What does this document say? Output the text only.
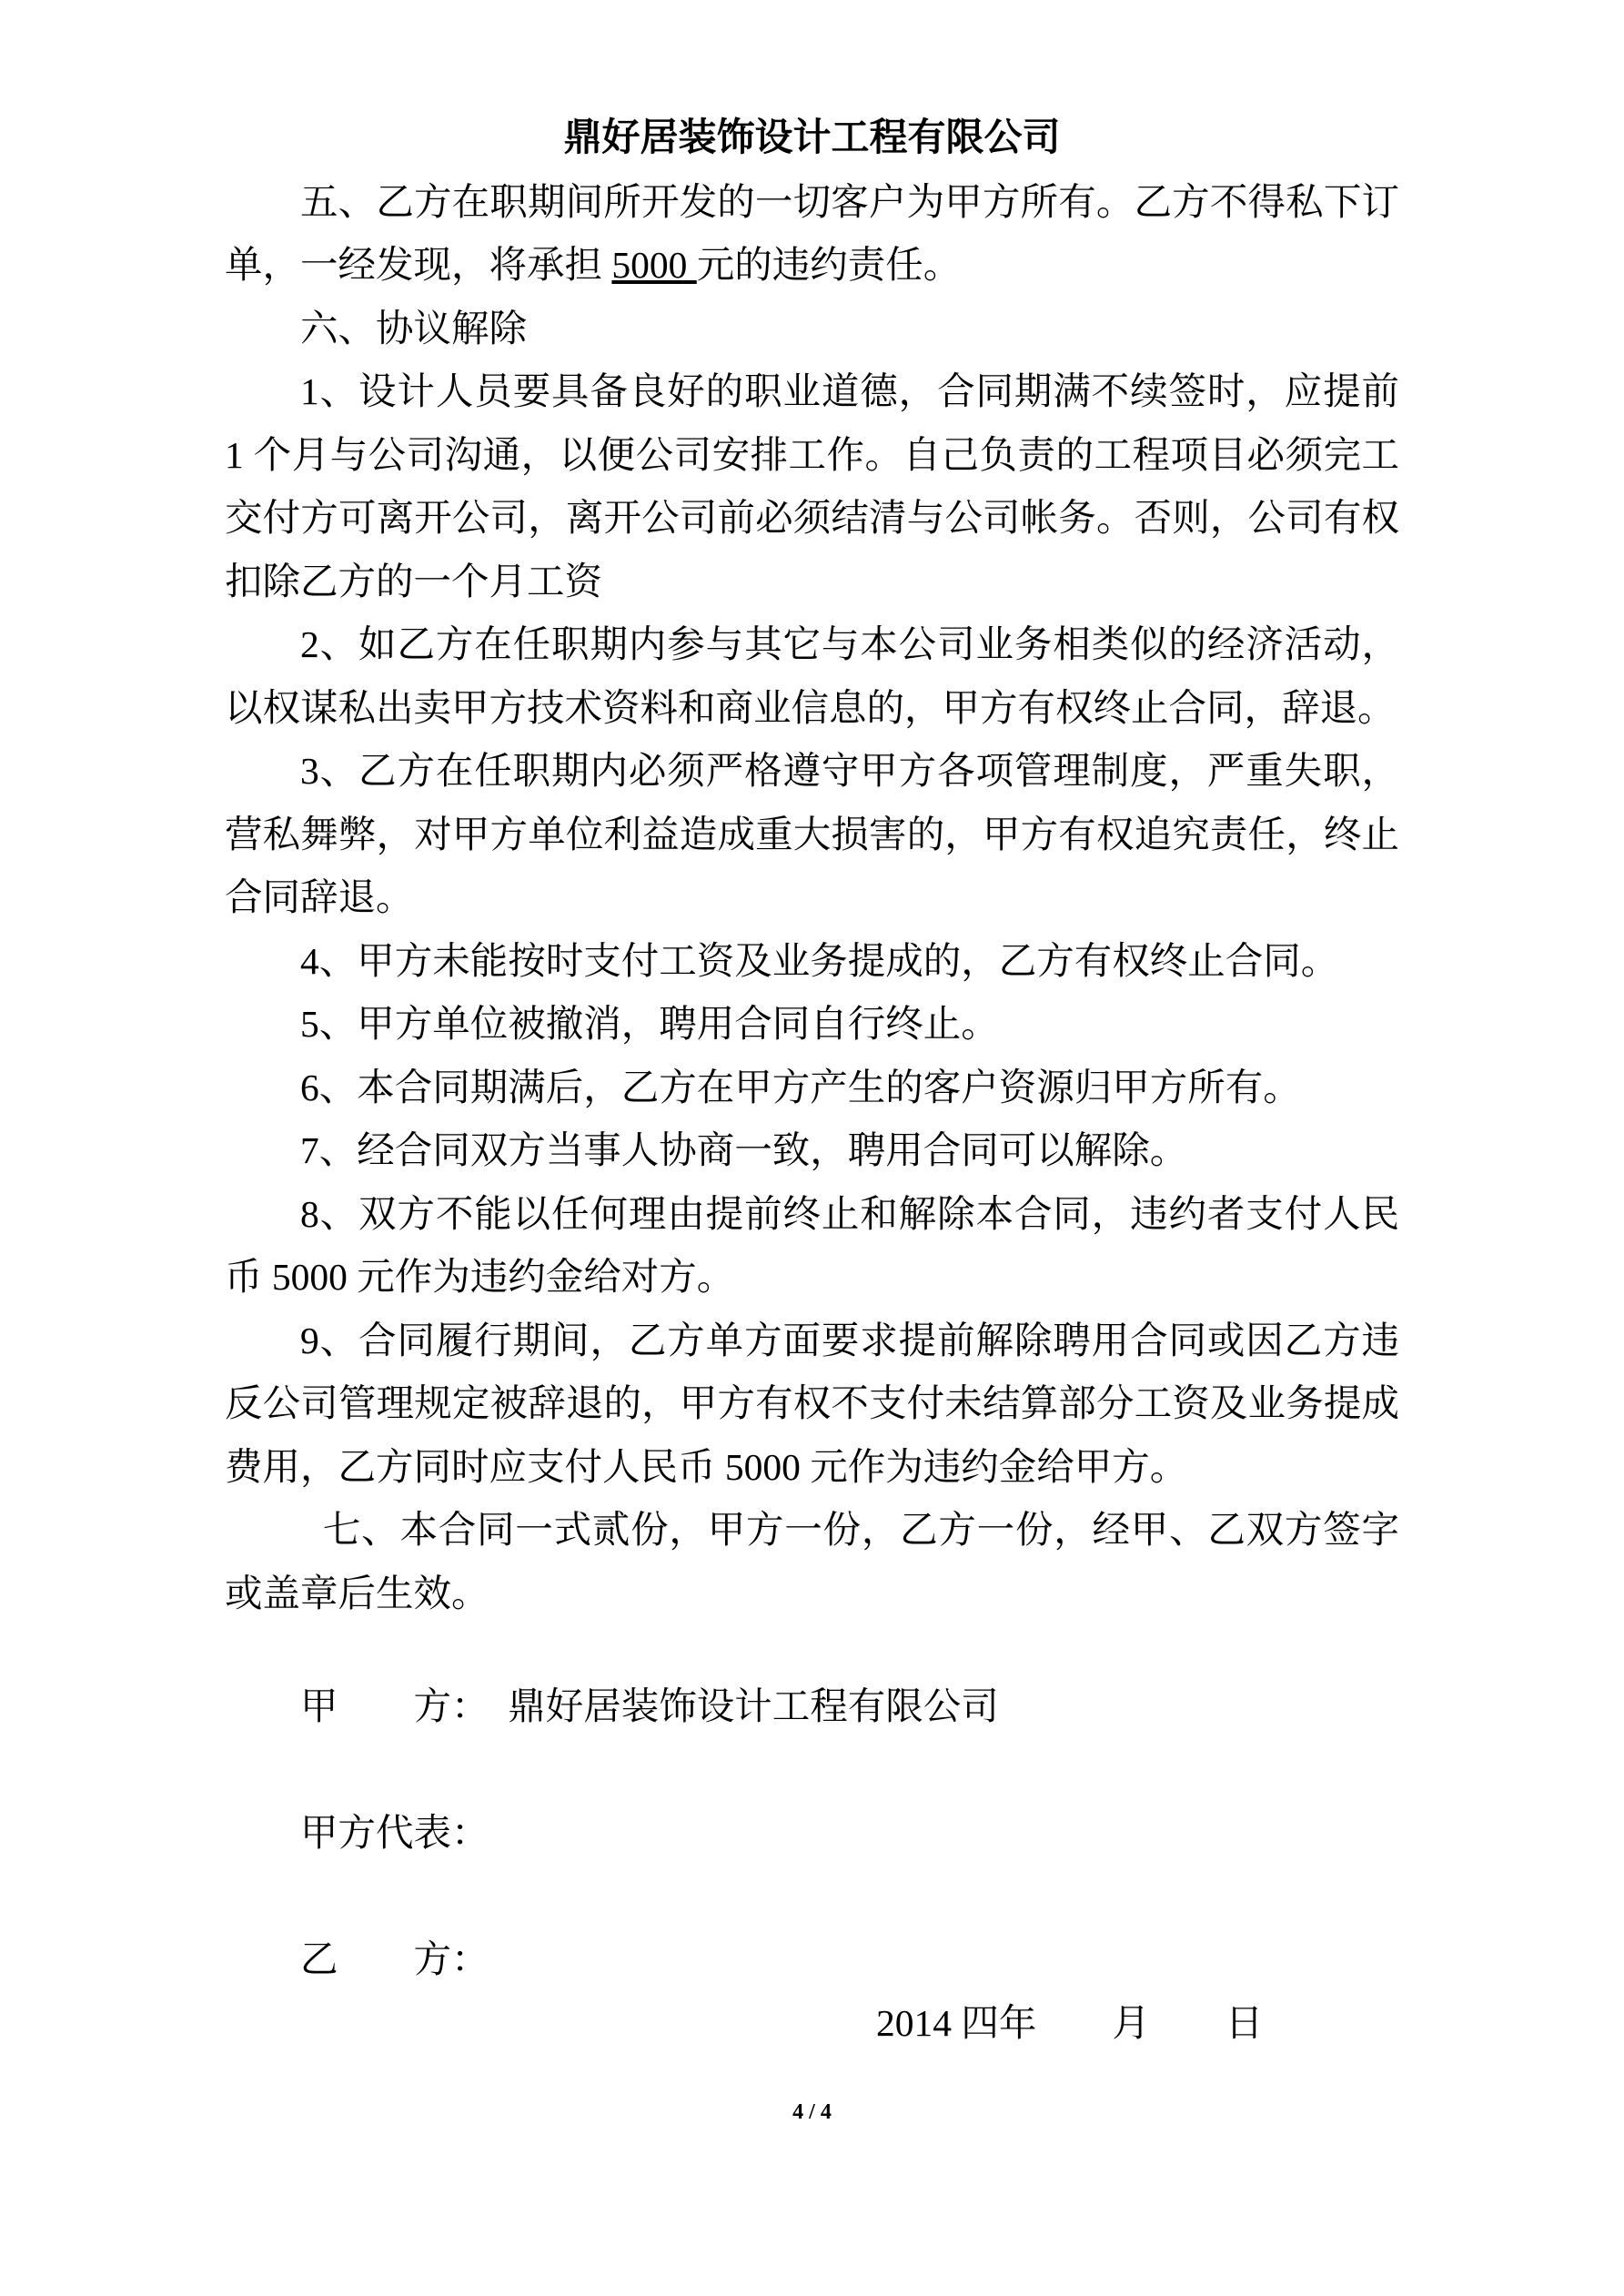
鼎好居装饰设计工程有限公司

五、乙方在职期间所开发的一切客户为甲方所有。乙方不得私下订单，一经发现，将承担 5000 元的违约责任。

六、协议解除

1、设计人员要具备良好的职业道德，合同期满不续签时，应提前 1 个月与公司沟通，以便公司安排工作。自己负责的工程项目必须完工交付方可离开公司，离开公司前必须结清与公司帐务。否则，公司有权扣除乙方的一个月工资

2、如乙方在任职期内参与其它与本公司业务相类似的经济活动，以权谋私出卖甲方技术资料和商业信息的，甲方有权终止合同，辞退。

3、乙方在任职期内必须严格遵守甲方各项管理制度，严重失职，营私舞弊，对甲方单位利益造成重大损害的，甲方有权追究责任，终止合同辞退。

4、甲方未能按时支付工资及业务提成的，乙方有权终止合同。

5、甲方单位被撤消，聘用合同自行终止。

6、本合同期满后，乙方在甲方产生的客户资源归甲方所有。

7、经合同双方当事人协商一致，聘用合同可以解除。

8、双方不能以任何理由提前终止和解除本合同，违约者支付人民币 5000 元作为违约金给对方。

9、合同履行期间，乙方单方面要求提前解除聘用合同或因乙方违反公司管理规定被辞退的，甲方有权不支付未结算部分工资及业务提成费用，乙方同时应支付人民币 5000 元作为违约金给甲方。

七、本合同一式贰份，甲方一份，乙方一份，经甲、乙双方签字或盖章后生效。

甲　　方：　鼎好居装饰设计工程有限公司

甲方代表：

乙　　方：

2014 四年　　月　　日

4 / 4
